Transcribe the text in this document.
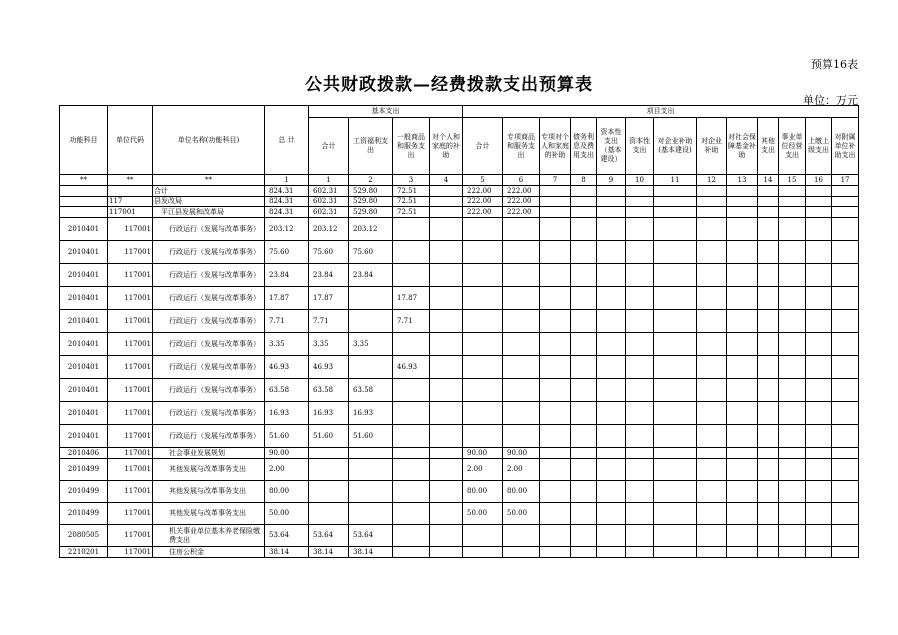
预算16表
公共财政拨款—经费拨款支出预算表
单位：万元
功能科目	单位代码	单位名称(功能科目)	总 计	基本支出				项目支出												
				合计	工资福利支出	一般商品和服务支出	对个人和家庭的补助	合计	专项商品和服务支出	专项对个人和家庭的补助	债务利息及费用支出	资本性支出（基本建设）	资本性支出	对企业补助(基本建设)	对企业补助	对社会保障基金补助	其他支出	事业单位经营支出	上缴上级支出	对附属单位补助支出
**	**	**	1	1	2	3	4	5	6	7	8	9	10	11	12	13	14	15	16	17
		合计	824.31	602.31	529.80	72.51		222.00	222.00											
	117	县发改局	824.31	602.31	529.80	72.51		222.00	222.00											
	117001	平江县发展和改革局	824.31	602.31	529.80	72.51		222.00	222.00											
2010401	117001	行政运行（发展与改革事务）	203.12	203.12	203.12															
2010401	117001	行政运行（发展与改革事务）	75.60	75.60	75.60															
2010401	117001	行政运行（发展与改革事务）	23.84	23.84	23.84															
2010401	117001	行政运行（发展与改革事务）	17.87	17.87		17.87														
2010401	117001	行政运行（发展与改革事务）	7.71	7.71		7.71														
2010401	117001	行政运行（发展与改革事务）	3.35	3.35	3.35															
2010401	117001	行政运行（发展与改革事务）	46.93	46.93		46.93														
2010401	117001	行政运行（发展与改革事务）	63.58	63.58	63.58															
2010401	117001	行政运行（发展与改革事务）	16.93	16.93	16.93															
2010401	117001	行政运行（发展与改革事务）	51.60	51.60	51.60															
2010406	117001	社会事业发展规划	90.00					90.00	90.00											
2010499	117001	其他发展与改革事务支出	2.00					2.00	2.00											
2010499	117001	其他发展与改革事务支出	80.00					80.00	80.00											
2010499	117001	其他发展与改革事务支出	50.00					50.00	50.00											
2080505	117001	机关事业单位基本养老保险缴费支出	53.64	53.64	53.64															
2210201	117001	住房公积金	38.14	38.14	38.14															
